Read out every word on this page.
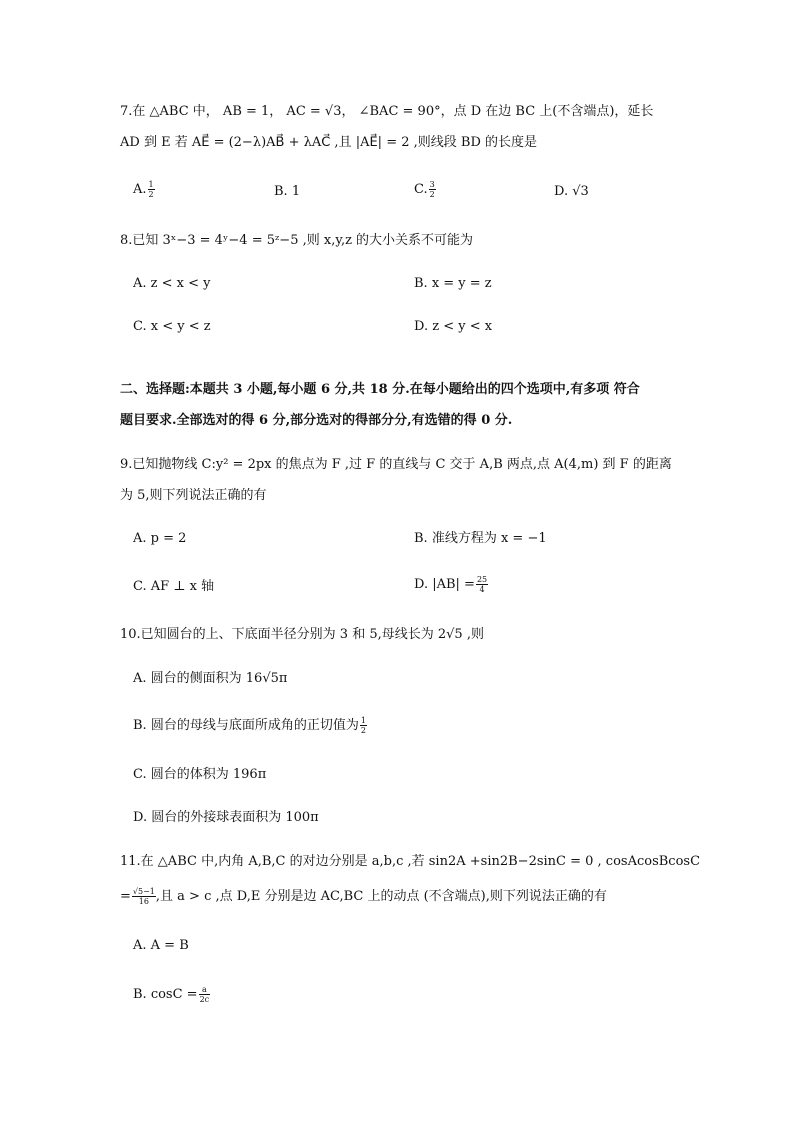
7.在 △ABC 中， AB = 1， AC = √3， ∠BAC = 90°，点 D 在边 BC 上(不含端点)，延长
AD 到 E 若 AE⃗ = (2−λ)AB⃗ + λAC⃗ ,且 |AE⃗| = 2 ,则线段 BD 的长度是
A. $\frac{1}{2}$	B. 1	C. $\frac{3}{2}$	D. √3
8.已知 3ˣ−3 = 4ʸ−4 = 5ᶻ−5 ,则 x,y,z 的大小关系不可能为
A. z < x < y	B. x = y = z
C. x < y < z	D. z < y < x
二、选择题:本题共 3 小题,每小题 6 分,共 18 分.在每小题给出的四个选项中,有多项 符合
题目要求.全部选对的得 6 分,部分选对的得部分分,有选错的得 0 分.
9.已知抛物线 C:y² = 2px 的焦点为 F ,过 F 的直线与 C 交于 A,B 两点,点 A(4,m) 到 F 的距离
为 5,则下列说法正确的有
A. p = 2	B. 准线方程为 x = −1
C. AF ⊥ x 轴	D. $|AB| = \frac{25}{4}$
10.已知圆台的上、下底面半径分别为 3 和 5,母线长为 2√5 ,则
A. 圆台的侧面积为 16√5π
B. 圆台的母线与底面所成角的正切值为 $\frac{1}{2}$
C. 圆台的体积为 196π
D. 圆台的外接球表面积为 100π
11.在 △ABC 中,内角 A,B,C 的对边分别是 a,b,c ,若 sin2A +sin2B−2sinC = 0 , cosAcosBcosC
= $\frac{√5-1}{16}$ ,且 a > c ,点 D,E 分别是边 AC,BC 上的动点 (不含端点),则下列说法正确的有
A. A = B
B. $\cos C = \frac{a}{2c}$
